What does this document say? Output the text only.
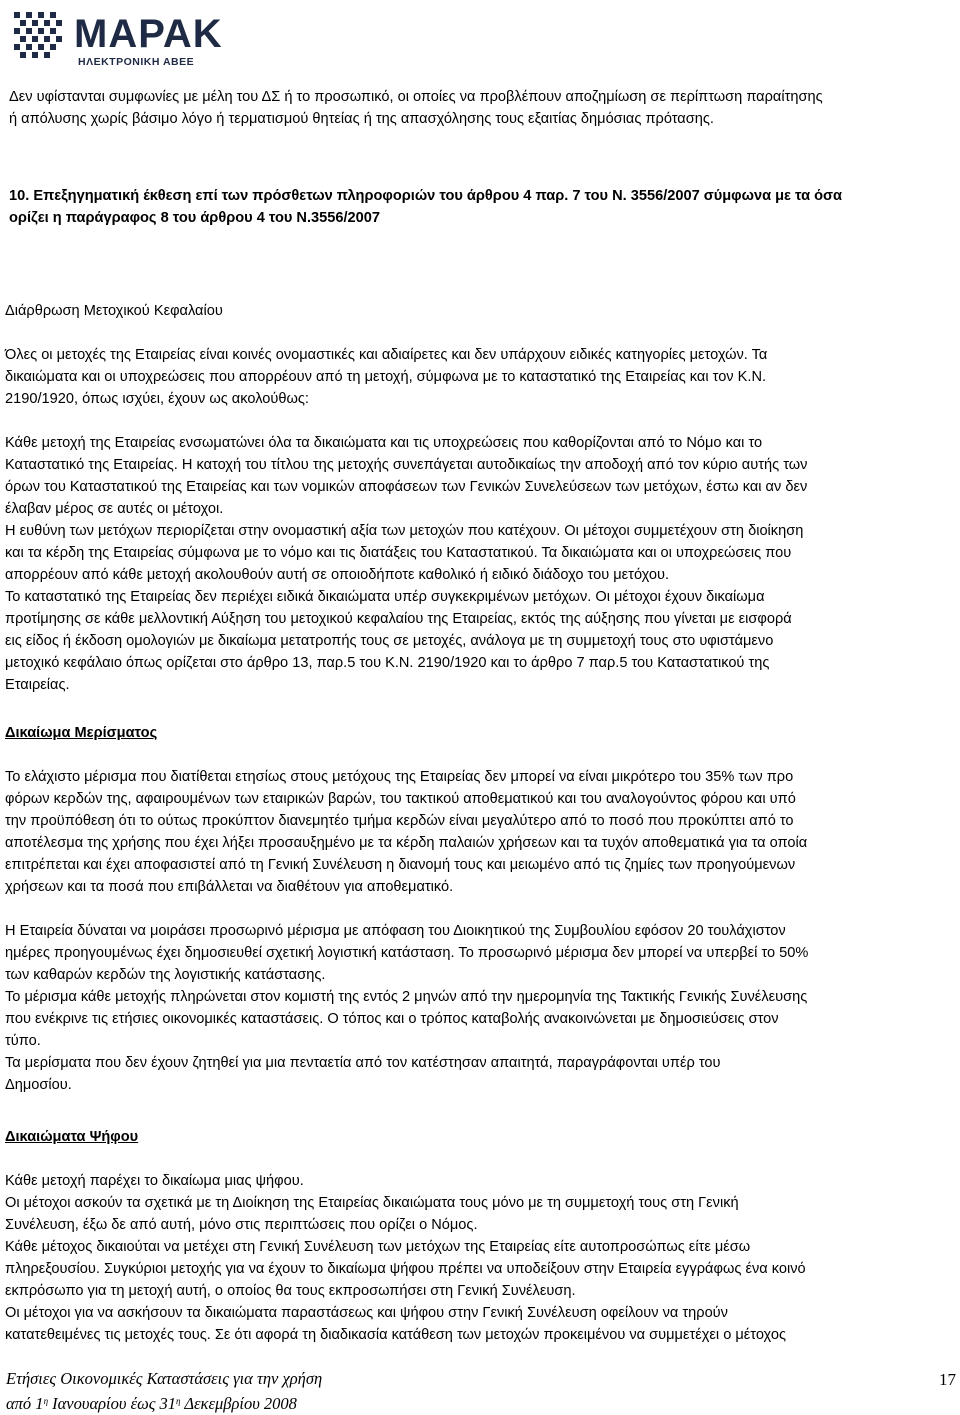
ΜΑΡΑΚ
ΗΛΕΚΤΡΟΝΙΚΗ ΑΒΕΕ

Δεν υφίστανται συμφωνίες με μέλη του ΔΣ ή το προσωπικό, οι οποίες να προβλέπουν αποζημίωση σε περίπτωση παραίτησης

ή απόλυσης χωρίς βάσιμο λόγο ή τερματισμού θητείας ή της απασχόλησης τους εξαιτίας δημόσιας πρότασης.

10. Επεξηγηματική έκθεση επί των πρόσθετων πληροφοριών του άρθρου 4 παρ. 7 του Ν. 3556/2007 σύμφωνα με τα όσα

ορίζει η παράγραφος 8 του άρθρου 4 του Ν.3556/2007

Διάρθρωση Μετοχικού Κεφαλαίου

Όλες οι μετοχές της Εταιρείας είναι κοινές ονομαστικές και αδιαίρετες και δεν υπάρχουν ειδικές κατηγορίες μετοχών. Τα

δικαιώματα και οι υποχρεώσεις που απορρέουν από τη μετοχή, σύμφωνα με το καταστατικό της Εταιρείας και τον Κ.Ν.

2190/1920, όπως ισχύει, έχουν ως ακολούθως:

Κάθε μετοχή της Εταιρείας ενσωματώνει όλα τα δικαιώματα και τις υποχρεώσεις που καθορίζονται από το Νόμο και το

Καταστατικό της Εταιρείας. Η κατοχή του τίτλου της μετοχής συνεπάγεται αυτοδικαίως την αποδοχή από τον κύριο αυτής των

όρων του Καταστατικού της Εταιρείας και των νομικών αποφάσεων των Γενικών Συνελεύσεων των μετόχων, έστω και αν δεν

έλαβαν μέρος σε αυτές οι μέτοχοι.

Η ευθύνη των μετόχων περιορίζεται στην ονομαστική αξία των μετοχών που κατέχουν. Οι μέτοχοι συμμετέχουν στη διοίκηση

και τα κέρδη της Εταιρείας σύμφωνα με το νόμο και τις διατάξεις του Καταστατικού. Τα δικαιώματα και οι υποχρεώσεις που

απορρέουν από κάθε μετοχή ακολουθούν αυτή σε οποιοδήποτε καθολικό ή ειδικό διάδοχο του μετόχου.

Το καταστατικό της Εταιρείας δεν περιέχει ειδικά δικαιώματα υπέρ συγκεκριμένων μετόχων. Οι μέτοχοι έχουν δικαίωμα

προτίμησης σε κάθε μελλοντική Αύξηση του μετοχικού κεφαλαίου της Εταιρείας, εκτός της αύξησης που γίνεται με εισφορά

εις είδος ή έκδοση ομολογιών με δικαίωμα μετατροπής τους σε μετοχές, ανάλογα με τη συμμετοχή τους στο υφιστάμενο

μετοχικό κεφάλαιο όπως ορίζεται στο άρθρο 13, παρ.5 του Κ.Ν. 2190/1920 και το άρθρο 7 παρ.5 του Καταστατικού της

Εταιρείας.

Δικαίωμα Μερίσματος

Το ελάχιστο μέρισμα που διατίθεται ετησίως στους μετόχους της Εταιρείας δεν μπορεί να είναι μικρότερο του 35% των προ

φόρων κερδών της, αφαιρουμένων των εταιρικών βαρών, του τακτικού αποθεματικού και του αναλογούντος φόρου και υπό

την προϋπόθεση ότι το ούτως προκύπτον διανεμητέο τμήμα κερδών είναι μεγαλύτερο από το ποσό που προκύπτει από το

αποτέλεσμα της χρήσης που έχει λήξει προσαυξημένο με τα κέρδη παλαιών χρήσεων και τα τυχόν αποθεματικά για τα οποία

επιτρέπεται και έχει αποφασιστεί από τη Γενική Συνέλευση η διανομή τους και μειωμένο από τις ζημίες των προηγούμενων

χρήσεων και τα ποσά που επιβάλλεται να διαθέτουν για αποθεματικό.

Η Εταιρεία δύναται να μοιράσει προσωρινό μέρισμα με απόφαση του Διοικητικού της Συμβουλίου εφόσον 20 τουλάχιστον

ημέρες προηγουμένως έχει δημοσιευθεί σχετική λογιστική κατάσταση. Το προσωρινό μέρισμα δεν μπορεί να υπερβεί το 50%

των καθαρών κερδών της λογιστικής κατάστασης.

Το μέρισμα κάθε μετοχής πληρώνεται στον κομιστή της εντός 2 μηνών από την ημερομηνία της Τακτικής Γενικής Συνέλευσης

που ενέκρινε τις ετήσιες οικονομικές καταστάσεις. Ο τόπος και ο τρόπος καταβολής ανακοινώνεται με δημοσιεύσεις στον

τύπο.

Τα μερίσματα που δεν έχουν ζητηθεί για μια πενταετία από τον κατέστησαν απαιτητά, παραγράφονται υπέρ του

Δημοσίου.

Δικαιώματα Ψήφου

Κάθε μετοχή παρέχει το δικαίωμα μιας ψήφου.

Οι μέτοχοι ασκούν τα σχετικά με τη Διοίκηση της Εταιρείας δικαιώματα τους μόνο με τη συμμετοχή τους στη Γενική

Συνέλευση, έξω δε από αυτή, μόνο στις περιπτώσεις που ορίζει ο Νόμος.

Κάθε μέτοχος δικαιούται να μετέχει στη Γενική Συνέλευση των μετόχων της Εταιρείας είτε αυτοπροσώπως είτε μέσω

πληρεξουσίου. Συγκύριοι μετοχής για να έχουν το δικαίωμα ψήφου πρέπει να υποδείξουν στην Εταιρεία εγγράφως ένα κοινό

εκπρόσωπο για τη μετοχή αυτή, ο οποίος θα τους εκπροσωπήσει στη Γενική Συνέλευση.

Οι μέτοχοι για να ασκήσουν τα δικαιώματα παραστάσεως και ψήφου στην Γενική Συνέλευση οφείλουν να τηρούν

κατατεθειμένες τις μετοχές τους. Σε ότι αφορά τη διαδικασία κατάθεση των μετοχών προκειμένου να συμμετέχει ο μέτοχος

Ετήσιες Οικονομικές Καταστάσεις για την χρήση
από $1^\eta$ Ιανουαρίου έως $31^\eta$ Δεκεμβρίου 2008
17
